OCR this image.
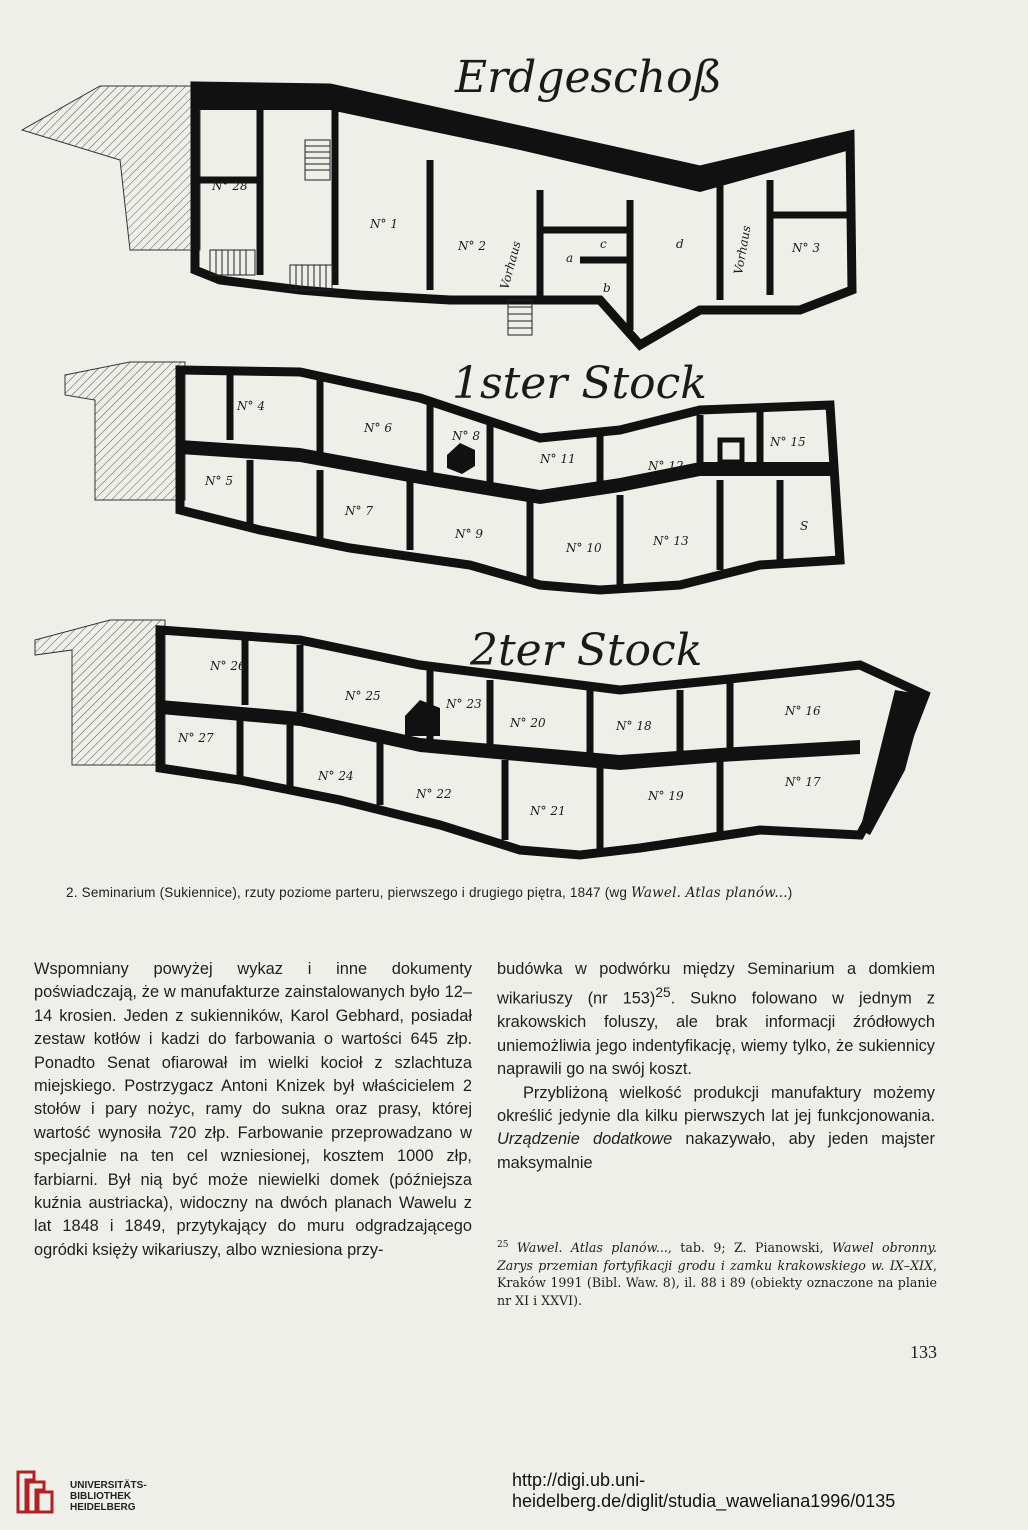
Erdgeschoß
N° 28
N° 1
N° 2 Vorhaus	a
c
b
d	Vorhaus	N° 3
1ster Stock
N° 4
N° 6
N° 8
N° 11	N° 12
N° 15
N° 5
N° 7
N° 9
N° 10	N° 13
S
2ter Stock
N° 26
N° 25
N° 23
N° 20	N° 18
N° 16
N° 27
N° 24
N° 22
N° 21
N° 19
N° 17
2. Seminarium (Sukiennice), rzuty poziome parteru, pierwszego i drugiego piętra, 1847 (wg Wawel. Atlas planów...)

Wspomniany powyżej wykaz i inne dokumenty poświadczają, że w manufakturze zainstalowanych było 12–14 krosien. Jeden z sukienników, Karol Gebhard, posiadał zestaw kotłów i kadzi do farbowania o wartości 645 złp. Ponadto Senat ofiarował im wielki kocioł z szlachtuza miejskiego. Postrzygacz Antoni Knizek był właścicielem 2 stołów i pary nożyc, ramy do sukna oraz prasy, której wartość wynosiła 720 złp. Farbowanie przeprowadzano w specjalnie na ten cel wzniesionej, kosztem 1000 złp, farbiarni. Był nią być może niewielki domek (późniejsza kuźnia austriacka), widoczny na dwóch planach Wawelu z lat 1848 i 1849, przytykający do muru odgradzającego ogródki księży wikariuszy, albo wzniesiona przy-

budówka w podwórku między Seminarium a domkiem wikariuszy (nr 153)$^{25}$. Sukno folowano w jednym z krakowskich foluszy, ale brak informacji źródłowych uniemożliwia jego indentyfikację, wiemy tylko, że sukiennicy naprawili go na swój koszt.

Przybliżoną wielkość produkcji manufaktury możemy określić jedynie dla kilku pierwszych lat jej funkcjonowania. Urządzenie dodatkowe nakazywało, aby jeden majster maksymalnie

$^{25}$ Wawel. Atlas planów..., tab. 9; Z. Pianowski, Wawel obronny. Zarys przemian fortyfikacji grodu i zamku krakowskiego w. IX–XIX, Kraków 1991 (Bibl. Waw. 8), il. 88 i 89 (obiekty oznaczone na planie nr XI i XXVI).
133
UNIVERSITÄTS-
BIBLIOTHEK
HEIDELBERG
http://digi.ub.uni-heidelberg.de/diglit/studia_waweliana1996/0135
